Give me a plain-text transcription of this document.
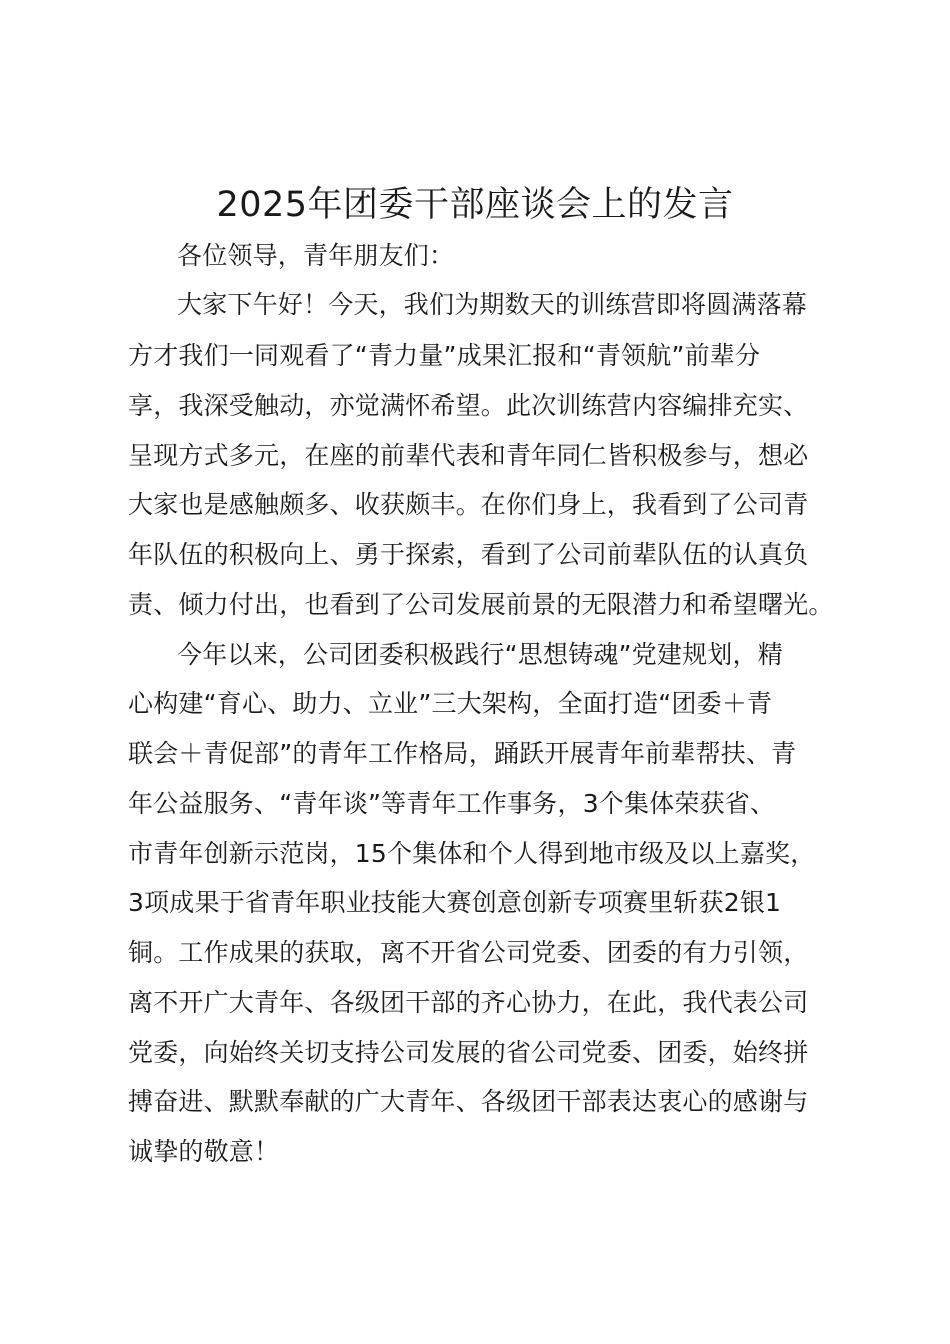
2025年团委干部座谈会上的发言
各位领导，青年朋友们：
大家下午好！今天，我们为期数天的训练营即将圆满落幕
方才我们一同观看了“青力量”成果汇报和“青领航”前辈分
享，我深受触动，亦觉满怀希望。此次训练营内容编排充实、
呈现方式多元，在座的前辈代表和青年同仁皆积极参与，想必
大家也是感触颇多、收获颇丰。在你们身上，我看到了公司青
年队伍的积极向上、勇于探索，看到了公司前辈队伍的认真负
责、倾力付出，也看到了公司发展前景的无限潜力和希望曙光。
今年以来，公司团委积极践行“思想铸魂”党建规划，精
心构建“育心、助力、立业”三大架构，全面打造“团委＋青
联会＋青促部”的青年工作格局，踊跃开展青年前辈帮扶、青
年公益服务、“青年谈”等青年工作事务，3个集体荣获省、
市青年创新示范岗，15个集体和个人得到地市级及以上嘉奖，
3项成果于省青年职业技能大赛创意创新专项赛里斩获2银1
铜。工作成果的获取，离不开省公司党委、团委的有力引领，
离不开广大青年、各级团干部的齐心协力，在此，我代表公司
党委，向始终关切支持公司发展的省公司党委、团委，始终拼
搏奋进、默默奉献的广大青年、各级团干部表达衷心的感谢与
诚挚的敬意！
